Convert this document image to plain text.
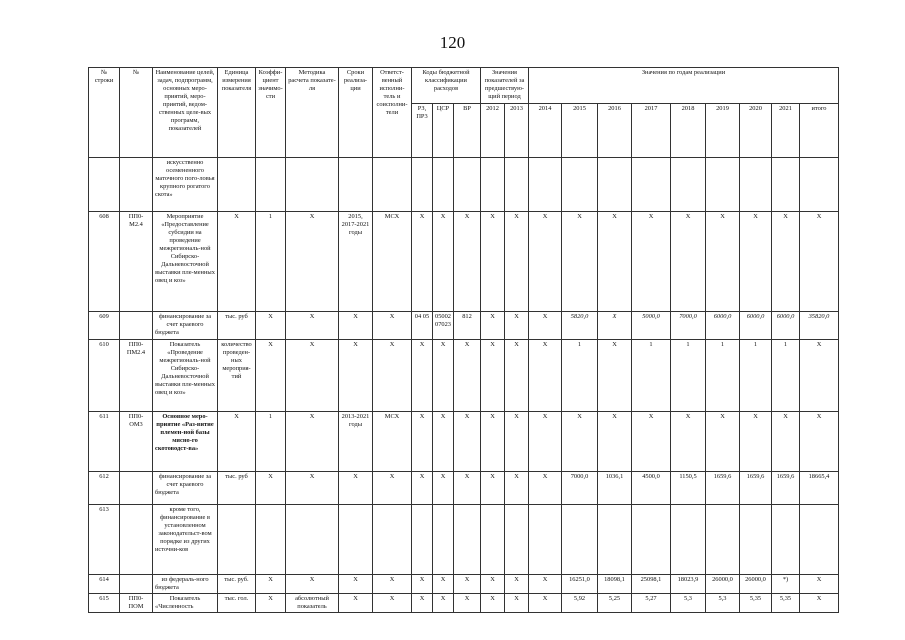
120
№ строки	№	Наименование целей, задач, подпрограмм, основных меро-приятий, меро-приятий, ведом-ственных целе-вых программ, показателей	Единица измерения показателя	Коэффи-циент значимо-сти	Методика расчета показате-ля	Сроки реализа-ции	Ответст-венный исполни-тель и соисполни-тели	Коды бюджетной классификации расходов			Значения показателей за предшествую-щий период		Значения по годам реализации								
								РЗ, ПР3	ЦСР	ВР	2012	2013	2014	2015	2016	2017	2018	2019	2020	2021	итого
		искусственно осемененного маточного пого-ловья крупного рогатого скота»																			
608	ПП0-М2.4	Мероприятие «Предоставление субсидии на проведение межрегиональ-ной Сибирско-Дальневосточной выставки пле-менных овец и коз»	X	1	X	2015, 2017-2021 годы	МСХ	X	X	X	X	X	X	X	X	X	X	X	X	X	X
609		финансирование за счет краевого бюджета	тыс. руб	X	X	X	X	04 05	05002 07023	812	X	X	X	5820,0	X	5000,0	7000,0	6000,0	6000,0	6000,0	35820,0
610	ПП0-ПМ2.4	Показатель «Проведение межрегиональ-ной Сибирско-Дальневосточной выставки пле-менных овец и коз»	количество проведен-ных мероприя-тий	X	X	X	X	X	X	X	X	X	X	1	X	1	1	1	1	1	X
611	ПП0-ОМ3	Основное меро-приятие «Раз-витие племен-ной базы мясно-го скотоводст-ва»	X	1	X	2013-2021 годы	МСХ	X	X	X	X	X	X	X	X	X	X	X	X	X	X
612		финансирование за счет краевого бюджета	тыс. руб	X	X	X	X	X	X	X	X	X	X	7000,0	1036,1	4500,0	1150,5	1659,6	1659,6	1659,6	18665,4
613		кроме того, финансирование в установленном законодательст-вом порядке из других источни-ков																			
614		из федераль-ного бюджета	тыс. руб.	X	X	X	X	X	X	X	X	X	X	16251,0	18098,1	25098,1	18023,9	26000,0	26000,0	*)	X
615	ПП0-ПОМ	Показатель «Численность	тыс. гол.	X	абсолютный показатель	X	X	X	X	X	X	X	X	5,92	5,25	5,27	5,3	5,3	5,35	5,35	X
